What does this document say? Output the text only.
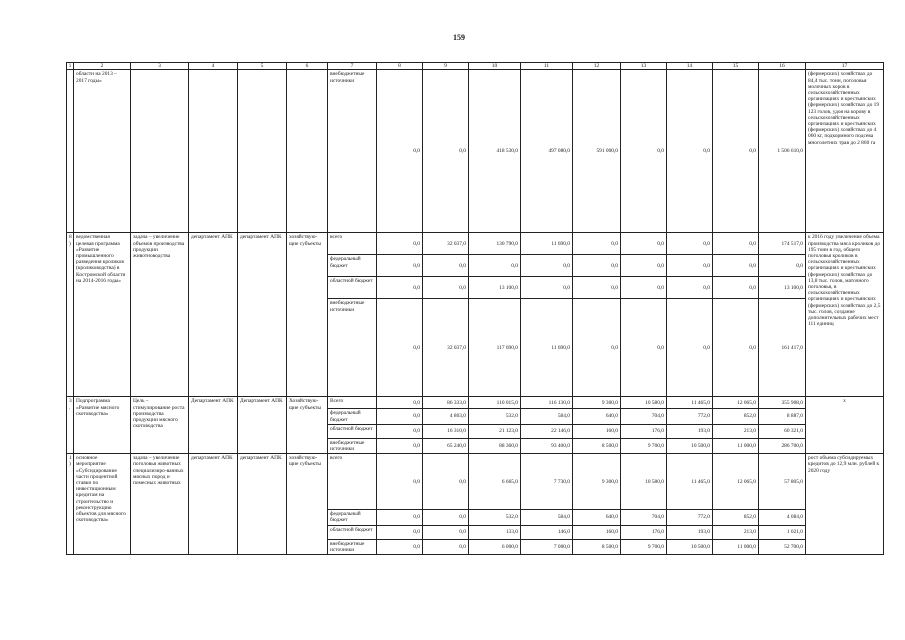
159
1	2	3	4	5	6	7	8	9	10	11	12	13	14	15	16	17
	областн на 2013 – 2017 годы»					внебюджетные источники	0,0	0,0	418 530,0	497 080,0	591 000,0	0,0	0,0	0,0	1 506 610,0	(фермерских) хозяйствах до 84,4 тыс. тонн, поголовья молочных коров в сельскохозяйственных организациях и крестьянских (фермерских) хозяйствах до 19 123 голов, удоя на корову в сельскохозяйственных организациях и крестьянских (фермерских) хозяйствах до 4 060 кг, подкормного подсева многолетних трав до 2 860 га
8)	ведомственная целевая программа «Развитие промышленного разведения кроликов (кролиководства) в Костромской области на 2014-2016 годы»	задача – увеличение объемов производства продукции животноводства	департамент АПК	департамент АПК	хозяйствую-щие субъекты	всего	0,0	32 037,0	130 790,0	11 690,0	0,0	0,0	0,0	0,0	174 517,0	к 2016 году увеличение объема производства мяса кроликов до 195 тонн в год, общего поголовья кроликов в сельскохозяйственных организациях и крестьянских (фермерских) хозяйствах до 13,8 тыс. голов, маточного поголовья, в сельскохозяйственных организациях и крестьянских (фермерских) хозяйствах до 2,5 тыс. голов, создание дополнительных рабочих мест 111 единиц
						федеральный бюджет	0,0	0,0	0,0	0,0	0,0	0,0	0,0	0,0	0,0	
						областной бюджет	0,0	0,0	13 100,0	0,0	0,0	0,0	0,0	0,0	13 100,0	
						внебюджетные источники	0,0	32 037,0	117 690,0	11 690,0	0,0	0,0	0,0	0,0	161 417,0	
3.	Подпрограмма «Развитие мясного скотоводства»	Цель – стимулирование роста производства продукции мясного скотоводства	Департамент АПК	Департамент АПК	Хозяйствую-щие субъекты	Всего	0,0	86 333,0	110 015,0	116 130,0	9 300,0	10 580,0	11 465,0	12 065,0	355 908,0	х
						федеральный бюджет	0,0	4 803,0	532,0	584,0	640,0	704,0	772,0	852,0	8 887,0	
						областной бюджет	0,0	16 310,0	21 123,0	22 146,0	160,0	176,0	193,0	213,0	60 321,0	
						внебюджетные источники	0,0	65 240,0	88 360,0	93 400,0	8 500,0	9 700,0	10 500,0	11 000,0	286 700,0	
1)	основное мероприятие «Субсидирование части процентной ставки по инвестиционным кредитам на строительство и реконструкцию объектов для мясного скотоводства»	задача – увеличение поголовья животных специализиро-ванных мясных пород и помесных животных	департамент АПК	департамент АПК	хозяйствую-щие субъекты	всего	0,0	0,0	6 665,0	7 730,0	9 300,0	10 580,0	11 465,0	12 065,0	57 805,0	рост объема субсидируемых кредитов до 12,9 млн. рублей к 2020 году
						федеральный бюджет	0,0	0,0	532,0	584,0	640,0	704,0	772,0	852,0	4 084,0	
						областной бюджет	0,0	0,0	133,0	146,0	160,0	176,0	193,0	213,0	1 021,0	
						внебюджетные источники	0,0	0,0	6 000,0	7 000,0	8 500,0	9 700,0	10 500,0	11 000,0	52 700,0	
